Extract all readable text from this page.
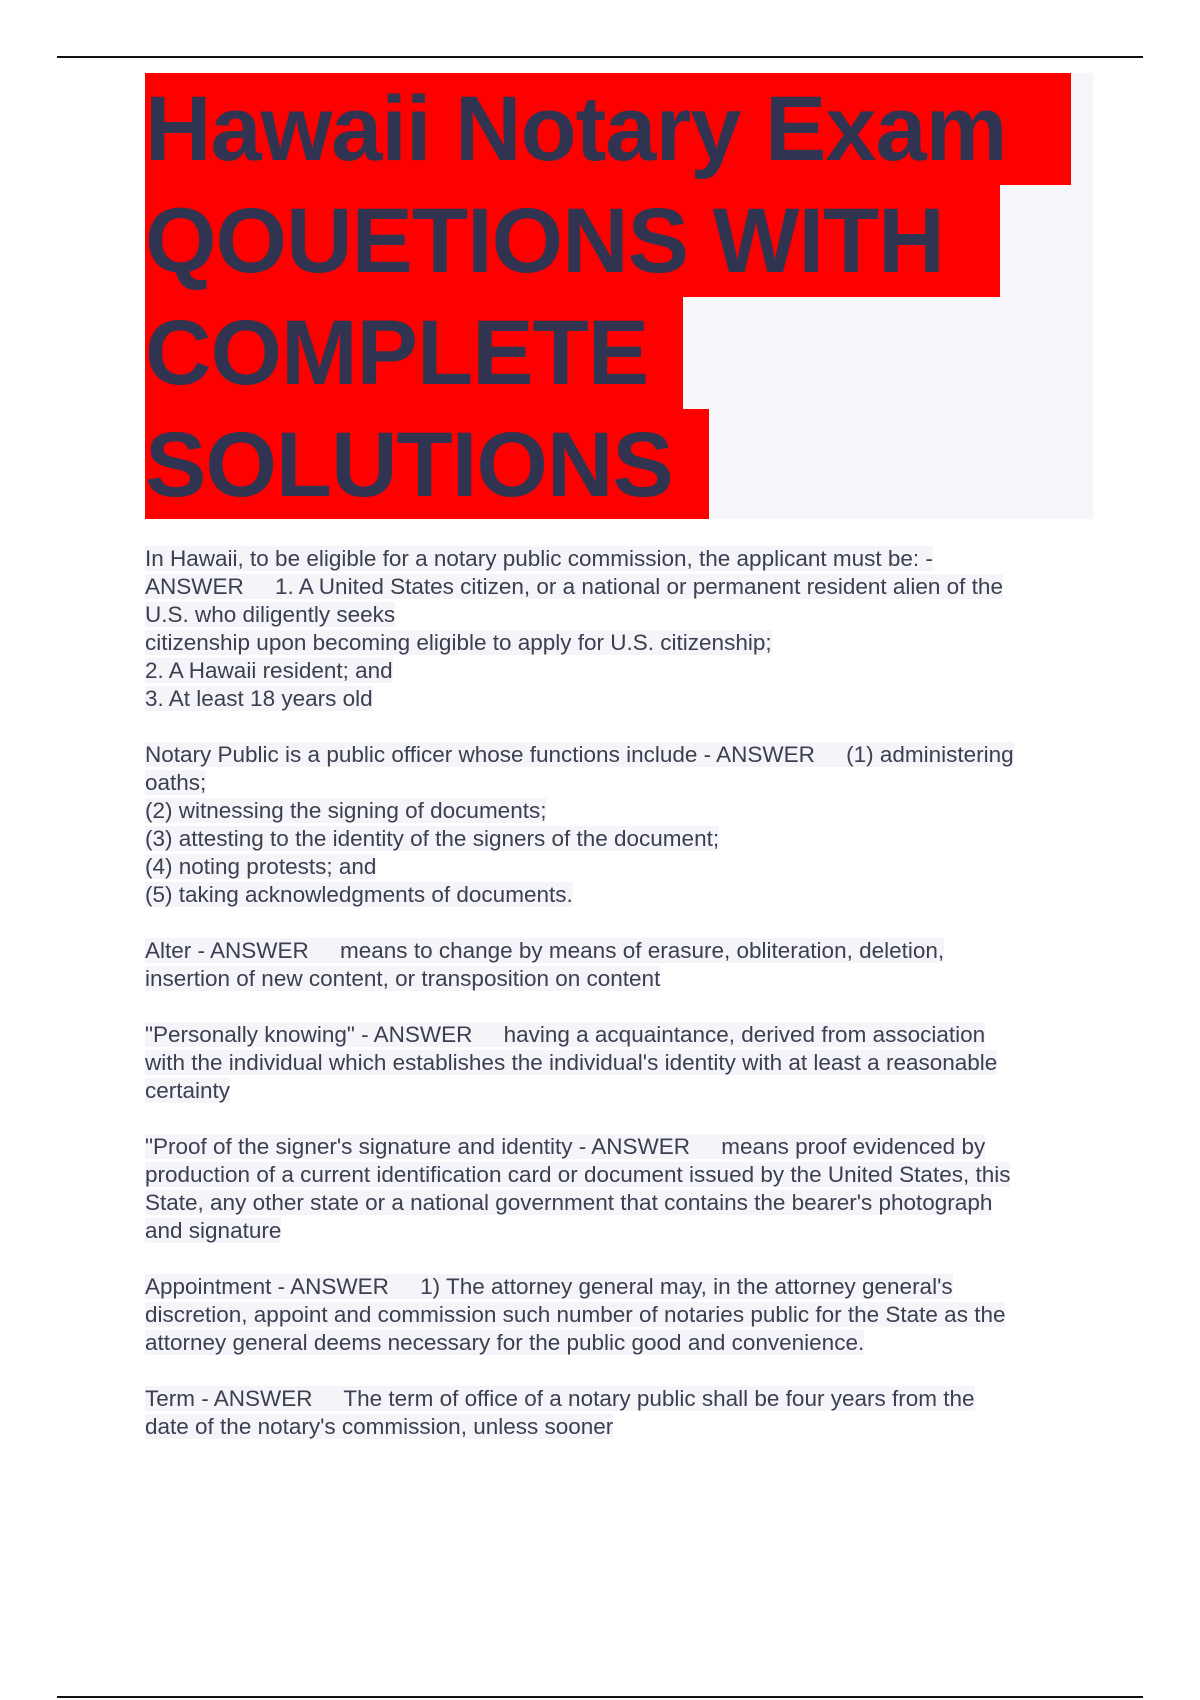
Hawaii Notary Exam
QOUETIONS WITH
COMPLETE
SOLUTIONS
In Hawaii, to be eligible for a notary public commission, the applicant must be: -
ANSWER     1. A United States citizen, or a national or permanent resident alien of the
U.S. who diligently seeks
citizenship upon becoming eligible to apply for U.S. citizenship;
2. A Hawaii resident; and
3. At least 18 years old
Notary Public is a public officer whose functions include - ANSWER     (1) administering
oaths;
(2) witnessing the signing of documents;
(3) attesting to the identity of the signers of the document;
(4) noting protests; and
(5) taking acknowledgments of documents.
Alter - ANSWER     means to change by means of erasure, obliteration, deletion,
insertion of new content, or transposition on content
"Personally knowing" - ANSWER     having a acquaintance, derived from association
with the individual which establishes the individual's identity with at least a reasonable
certainty
"Proof of the signer's signature and identity - ANSWER     means proof evidenced by
production of a current identification card or document issued by the United States, this
State, any other state or a national government that contains the bearer's photograph
and signature
Appointment - ANSWER     1) The attorney general may, in the attorney general's
discretion, appoint and commission such number of notaries public for the State as the
attorney general deems necessary for the public good and convenience.
Term - ANSWER     The term of office of a notary public shall be four years from the
date of the notary's commission, unless sooner
